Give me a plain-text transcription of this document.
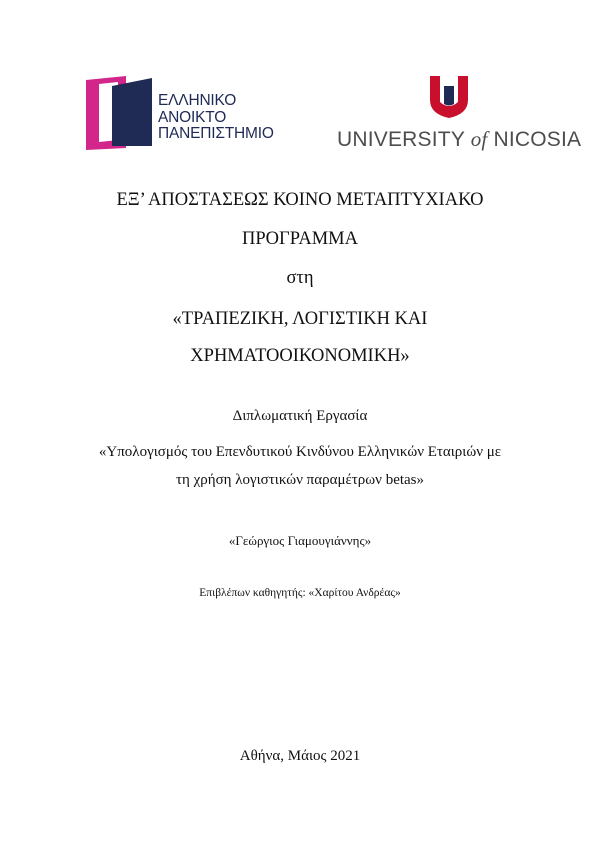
ΕΛΛΗΝΙΚΟ
ΑΝΟΙΚΤΟ
ΠΑΝΕΠΙΣΤΗΜΙΟ	UNIVERSITY of NICOSIA
ΕΞ’ ΑΠΟΣΤΑΣΕΩΣ ΚΟΙΝΟ ΜΕΤΑΠΤΥΧΙΑΚΟ
ΠΡΟΓΡΑΜΜΑ
στη
«ΤΡΑΠΕΖΙΚΗ, ΛΟΓΙΣΤΙΚΗ ΚΑΙ
ΧΡΗΜΑΤΟΟΙΚΟΝΟΜΙΚΗ»
Διπλωματική Εργασία
«Υπολογισμός του Επενδυτικού Κινδύνου Ελληνικών Εταιριών με
τη χρήση λογιστικών παραμέτρων betas»
«Γεώργιος Γιαμουγιάννης»
Επιβλέπων καθηγητής: «Χαρίτου Ανδρέας»
Αθήνα, Μάιος 2021
